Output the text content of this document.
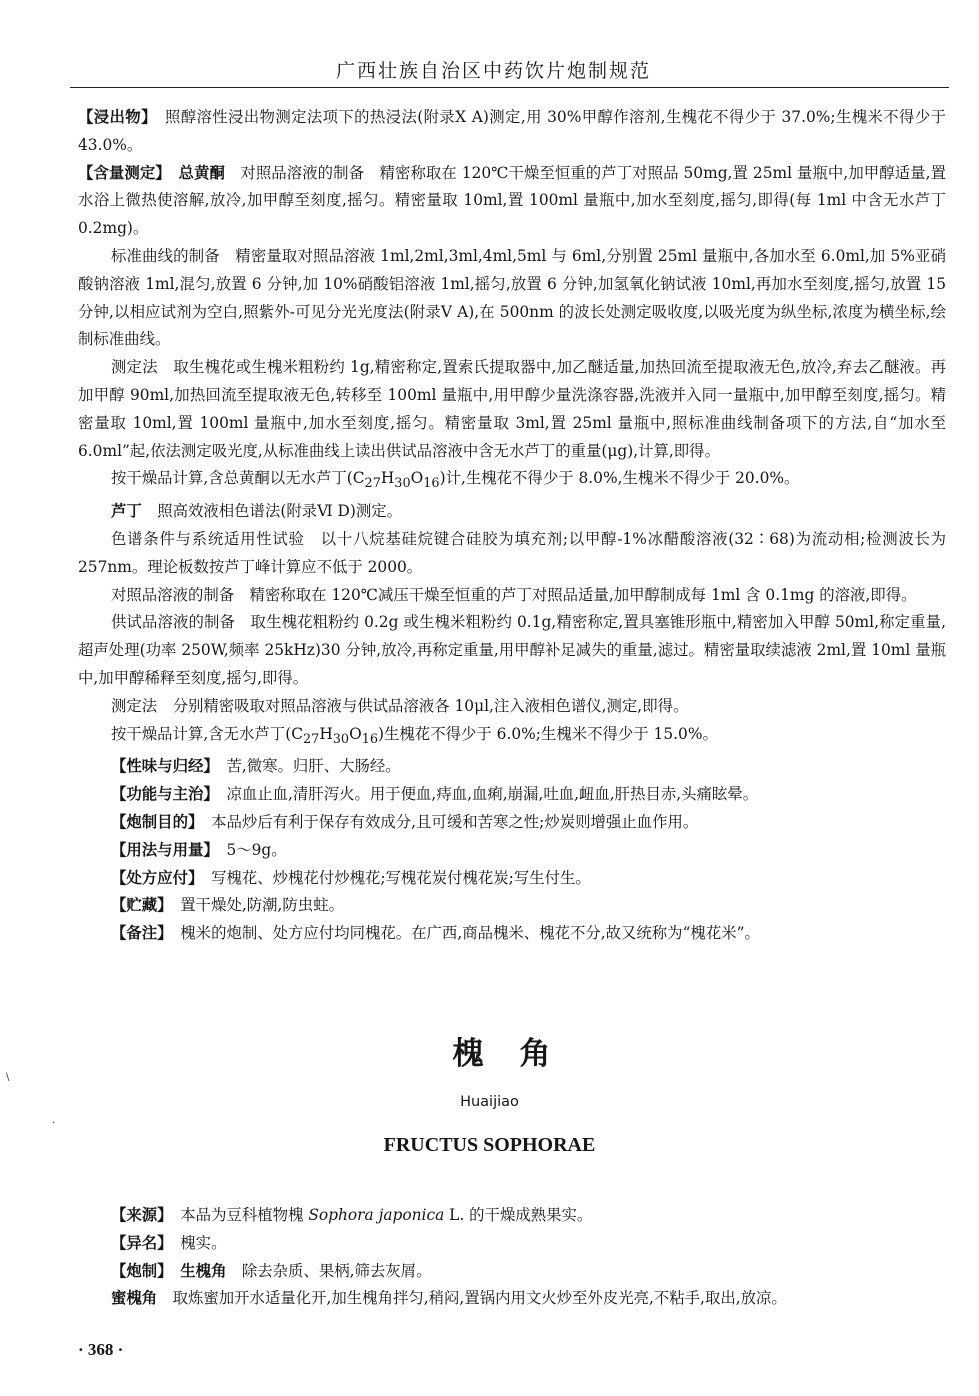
广西壮族自治区中药饮片炮制规范

【浸出物】　 照醇溶性浸出物测定法项下的热浸法(附录Ⅹ A)测定,用 30%甲醇作溶剂,生槐花不得少于 37.0%;生槐米不得少于 43.0%。

【含量测定】　 总黄酮　 对照品溶液的制备　精密称取在 120℃干燥至恒重的芦丁对照品 50mg,置 25ml 量瓶中,加甲醇适量,置水浴上微热使溶解,放冷,加甲醇至刻度,摇匀。精密量取 10ml,置 100ml 量瓶中,加水至刻度,摇匀,即得(每 1ml 中含无水芦丁 0.2mg)。

标准曲线的制备　精密量取对照品溶液 1ml,2ml,3ml,4ml,5ml 与 6ml,分别置 25ml 量瓶中,各加水至 6.0ml,加 5%亚硝酸钠溶液 1ml,混匀,放置 6 分钟,加 10%硝酸铝溶液 1ml,摇匀,放置 6 分钟,加氢氧化钠试液 10ml,再加水至刻度,摇匀,放置 15 分钟,以相应试剂为空白,照紫外-可见分光光度法(附录Ⅴ A),在 500nm 的波长处测定吸收度,以吸光度为纵坐标,浓度为横坐标,绘制标准曲线。

测定法　取生槐花或生槐米粗粉约 1g,精密称定,置索氏提取器中,加乙醚适量,加热回流至提取液无色,放冷,弃去乙醚液。再加甲醇 90ml,加热回流至提取液无色,转移至 100ml 量瓶中,用甲醇少量洗涤容器,洗液并入同一量瓶中,加甲醇至刻度,摇匀。精密量取 10ml,置 100ml 量瓶中,加水至刻度,摇匀。精密量取 3ml,置 25ml 量瓶中,照标准曲线制备项下的方法,自“加水至 6.0ml”起,依法测定吸光度,从标准曲线上读出供试品溶液中含无水芦丁的重量(μg),计算,即得。

按干燥品计算,含总黄酮以无水芦丁$(C_{27}H_{30}O_{16})$计,生槐花不得少于 8.0%,生槐米不得少于 20.0%。

芦丁　 照高效液相色谱法(附录Ⅵ D)测定。

色谱条件与系统适用性试验　以十八烷基硅烷键合硅胶为填充剂;以甲醇-1%冰醋酸溶液(32∶68)为流动相;检测波长为 257nm。理论板数按芦丁峰计算应不低于 2000。

对照品溶液的制备　精密称取在 120℃减压干燥至恒重的芦丁对照品适量,加甲醇制成每 1ml 含 0.1mg 的溶液,即得。

供试品溶液的制备　取生槐花粗粉约 0.2g 或生槐米粗粉约 0.1g,精密称定,置具塞锥形瓶中,精密加入甲醇 50ml,称定重量,超声处理(功率 250W,频率 25kHz)30 分钟,放冷,再称定重量,用甲醇补足减失的重量,滤过。精密量取续滤液 2ml,置 10ml 量瓶中,加甲醇稀释至刻度,摇匀,即得。

测定法　分别精密吸取对照品溶液与供试品溶液各 10μl,注入液相色谱仪,测定,即得。

按干燥品计算,含无水芦丁$(C_{27}H_{30}O_{16})$生槐花不得少于 6.0%;生槐米不得少于 15.0%。

【性味与归经】　 苦,微寒。归肝、大肠经。

【功能与主治】　 凉血止血,清肝泻火。用于便血,痔血,血痢,崩漏,吐血,衄血,肝热目赤,头痛眩晕。

【炮制目的】　 本品炒后有利于保存有效成分,且可缓和苦寒之性;炒炭则增强止血作用。

【用法与用量】　 5～9g。

【处方应付】　 写槐花、炒槐花付炒槐花;写槐花炭付槐花炭;写生付生。

【贮藏】　 置干燥处,防潮,防虫蛀。

【备注】　 槐米的炮制、处方应付均同槐花。在广西,商品槐米、槐花不分,故又统称为“槐花米”。

槐角
Huaijiao
FRUCTUS SOPHORAE

【来源】　 本品为豆科植物槐 Sophora japonica L. 的干燥成熟果实。

【异名】　 槐实。

【炮制】　 生槐角　 除去杂质、果柄,筛去灰屑。

蜜槐角　 取炼蜜加开水适量化开,加生槐角拌匀,稍闷,置锅内用文火炒至外皮光亮,不粘手,取出,放凉。

· 368 ·
\
·
